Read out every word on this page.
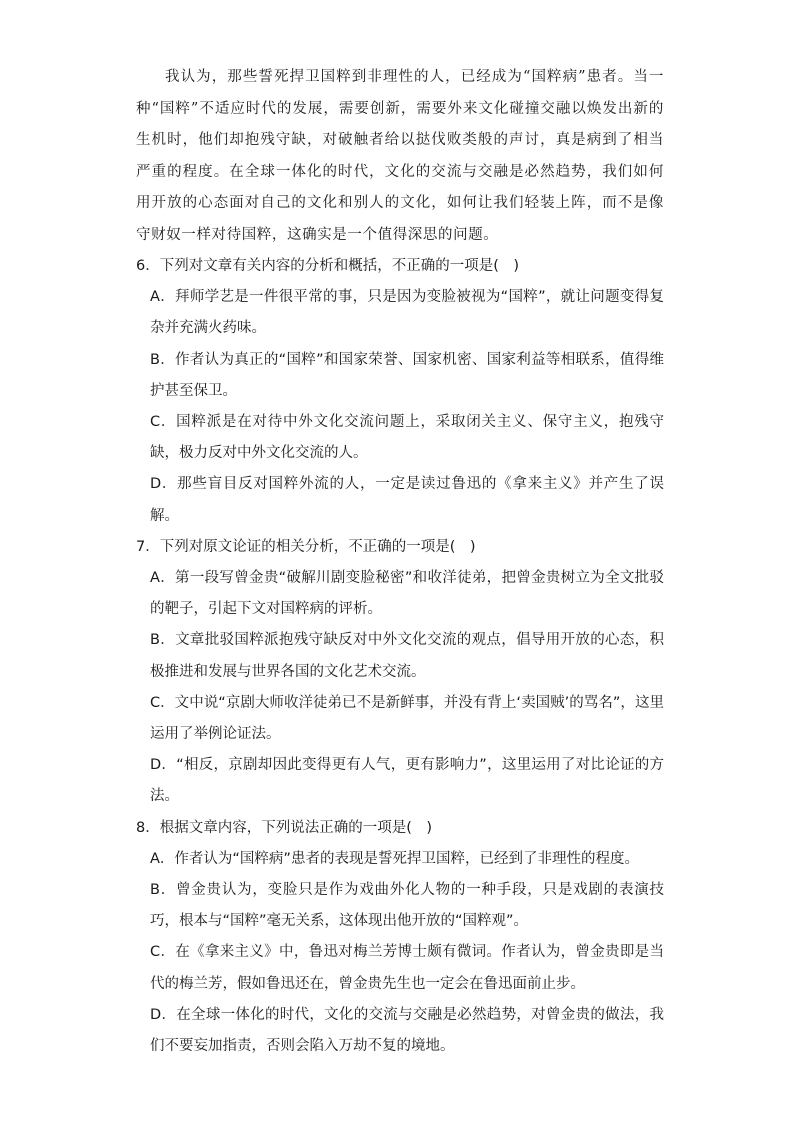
我认为，那些誓死捍卫国粹到非理性的人，已经成为“国粹病”患者。当一种“国粹”不适应时代的发展，需要创新，需要外来文化碰撞交融以焕发出新的生机时，他们却抱残守缺，对破触者给以挞伐败类般的声讨，真是病到了相当严重的程度。在全球一体化的时代，文化的交流与交融是必然趋势，我们如何用开放的心态面对自己的文化和别人的文化，如何让我们轻装上阵，而不是像守财奴一样对待国粹，这确实是一个值得深思的问题。

6．下列对文章有关内容的分析和概括，不正确的一项是(　)

A．拜师学艺是一件很平常的事，只是因为变脸被视为“国粹”，就让问题变得复杂并充满火药味。

B．作者认为真正的“国粹”和国家荣誉、国家机密、国家利益等相联系，值得维护甚至保卫。

C．国粹派是在对待中外文化交流问题上，采取闭关主义、保守主义，抱残守缺，极力反对中外文化交流的人。

D．那些盲目反对国粹外流的人，一定是读过鲁迅的《拿来主义》并产生了误解。

7．下列对原文论证的相关分析，不正确的一项是(　)

A．第一段写曾金贵“破解川剧变脸秘密”和收洋徒弟，把曾金贵树立为全文批驳的靶子，引起下文对国粹病的评析。

B．文章批驳国粹派抱残守缺反对中外文化交流的观点，倡导用开放的心态，积极推进和发展与世界各国的文化艺术交流。

C．文中说“京剧大师收洋徒弟已不是新鲜事，并没有背上‘卖国贼’的骂名”，这里运用了举例论证法。

D．“相反，京剧却因此变得更有人气，更有影响力”，这里运用了对比论证的方法。

8．根据文章内容，下列说法正确的一项是(　)

A．作者认为“国粹病”患者的表现是誓死捍卫国粹，已经到了非理性的程度。

B．曾金贵认为，变脸只是作为戏曲外化人物的一种手段，只是戏剧的表演技巧，根本与“国粹”毫无关系，这体现出他开放的“国粹观”。

C．在《拿来主义》中，鲁迅对梅兰芳博士颇有微词。作者认为，曾金贵即是当代的梅兰芳，假如鲁迅还在，曾金贵先生也一定会在鲁迅面前止步。

D．在全球一体化的时代，文化的交流与交融是必然趋势，对曾金贵的做法，我们不要妄加指责，否则会陷入万劫不复的境地。
